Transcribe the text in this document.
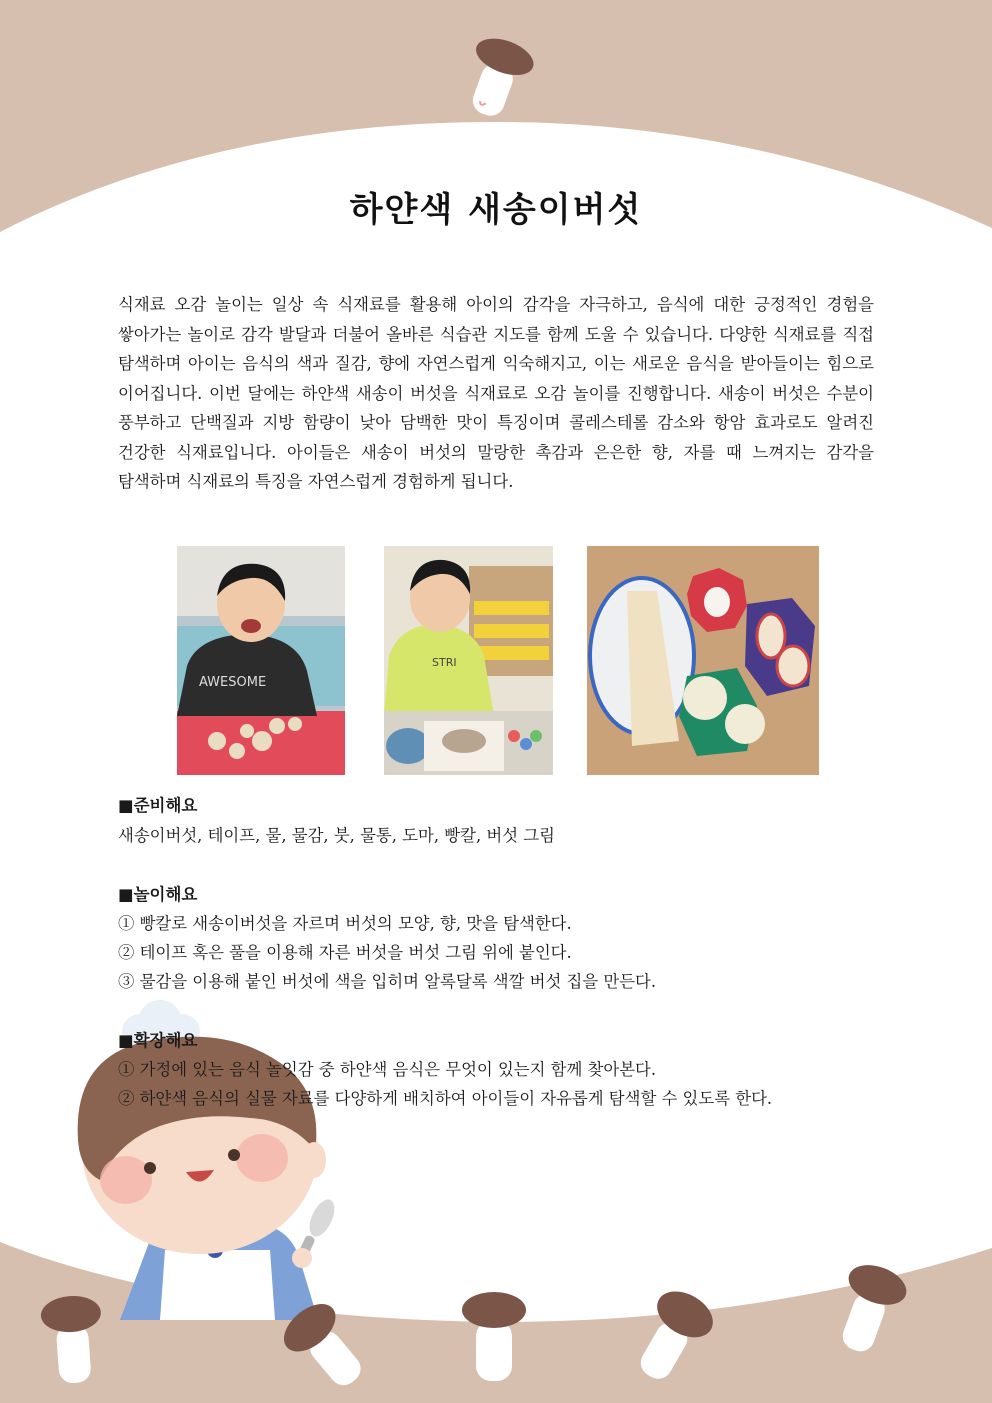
하얀색 새송이버섯
식재료 오감 놀이는 일상 속 식재료를 활용해 아이의 감각을 자극하고, 음식에 대한 긍정적인 경험을 쌓아가는 놀이로 감각 발달과 더불어 올바른 식습관 지도를 함께 도울 수 있습니다. 다양한 식재료를 직접 탐색하며 아이는 음식의 색과 질감, 향에 자연스럽게 익숙해지고, 이는 새로운 음식을 받아들이는 힘으로 이어집니다. 이번 달에는 하얀색 새송이 버섯을 식재료로 오감 놀이를 진행합니다. 새송이 버섯은 수분이 풍부하고 단백질과 지방 함량이 낮아 담백한 맛이 특징이며 콜레스테롤 감소와 항암 효과로도 알려진 건강한 식재료입니다. 아이들은 새송이 버섯의 말랑한 촉감과 은은한 향, 자를 때 느껴지는 감각을 탐색하며 식재료의 특징을 자연스럽게 경험하게 됩니다.
AWESOME
STRI
■준비해요
새송이버섯, 테이프, 물, 물감, 붓, 물통, 도마, 빵칼, 버섯 그림
■놀이해요
① 빵칼로 새송이버섯을 자르며 버섯의 모양, 향, 맛을 탐색한다.
② 테이프 혹은 풀을 이용해 자른 버섯을 버섯 그림 위에 붙인다.
③ 물감을 이용해 붙인 버섯에 색을 입히며 알록달록 색깔 버섯 집을 만든다.
■확장해요
① 가정에 있는 음식 놀잇감 중 하얀색 음식은 무엇이 있는지 함께 찾아본다.
② 하얀색 음식의 실물 자료를 다양하게 배치하여 아이들이 자유롭게 탐색할 수 있도록 한다.
